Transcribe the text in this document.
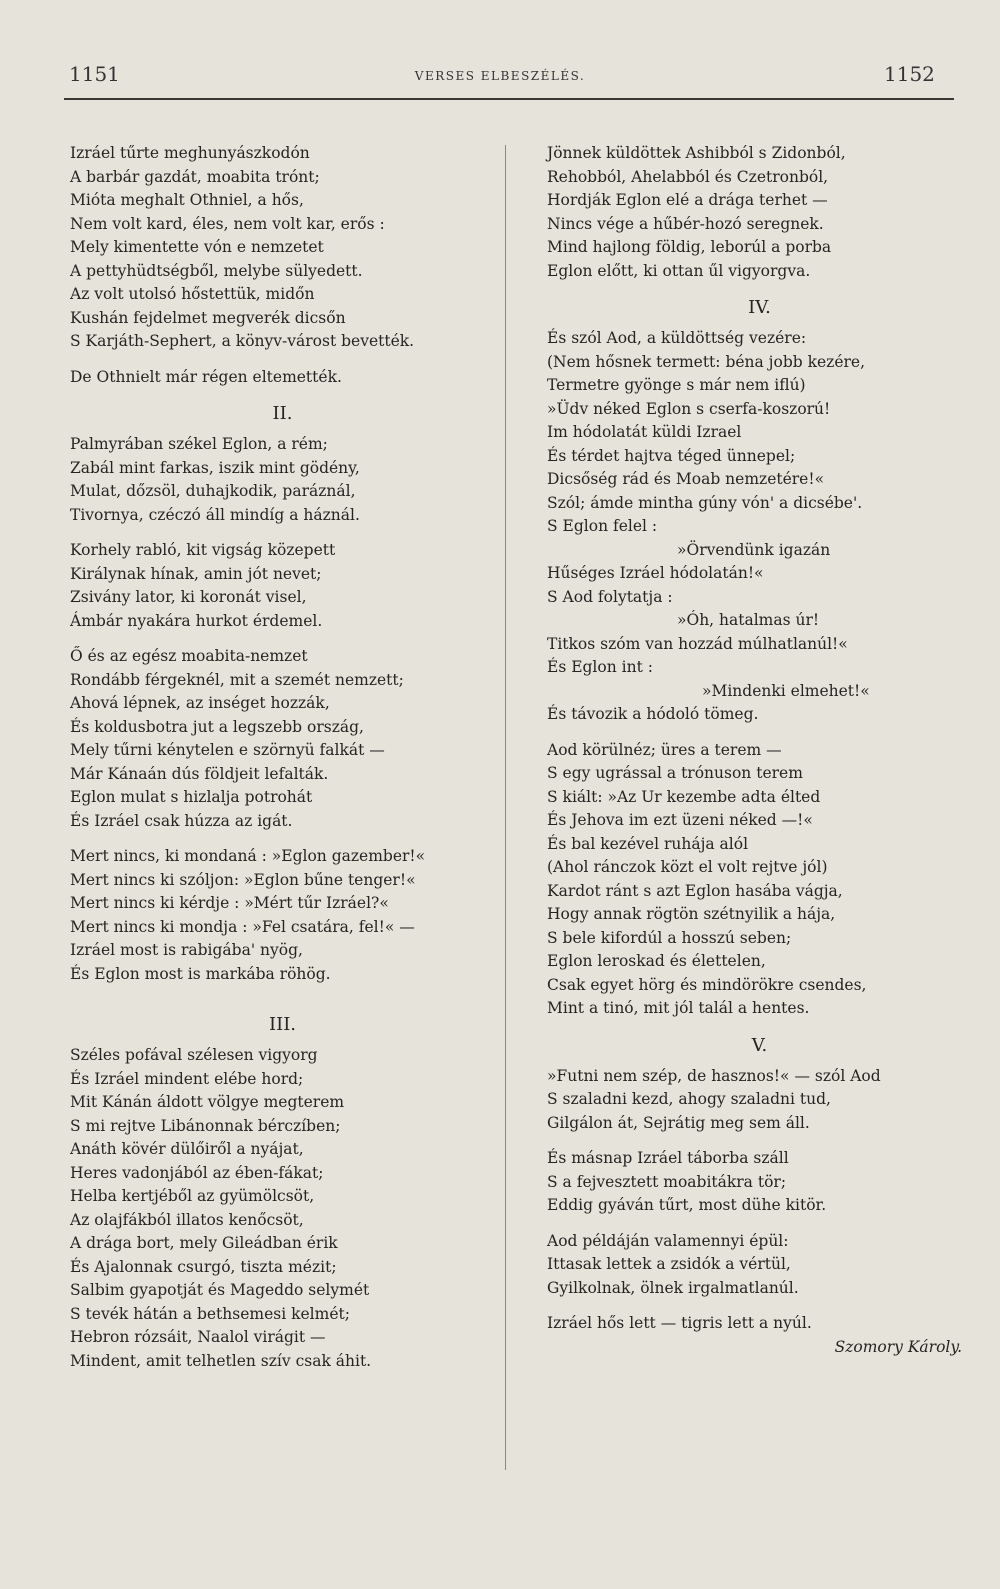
1151	VERSES ELBESZÉLÉS.	1152
Izráel tűrte meghunyászkodón
A barbár gazdát, moabita trónt;
Mióta meghalt Othniel, a hős,
Nem volt kard, éles, nem volt kar, erős :
Mely kimentette vón e nemzetet
A pettyhüdtségből, melybe sülyedett.
Az volt utolsó hőstettük, midőn
Kushán fejdelmet megverék dicsőn
S Karjáth-Sephert, a könyv-várost bevették.
De Othnielt már régen eltemették.
II.
Palmyrában székel Eglon, a rém;
Zabál mint farkas, iszik mint gödény,
Mulat, dőzsöl, duhajkodik, paráznál,
Tivornya, czéczó áll mindíg a háznál.
Korhely rabló, kit vigság közepett
Királynak hínak, amin jót nevet;
Zsivány lator, ki koronát visel,
Ámbár nyakára hurkot érdemel.
Ő és az egész moabita-nemzet
Rondább férgeknél, mit a szemét nemzett;
Ahová lépnek, az inséget hozzák,
És koldusbotra jut a legszebb ország,
Mely tűrni kénytelen e szörnyü falkát —
Már Kánaán dús földjeit lefalták.
Eglon mulat s hizlalja potrohát
És Izráel csak húzza az igát.
Mert nincs, ki mondaná : »Eglon gazember!«
Mert nincs ki szóljon: »Eglon bűne tenger!«
Mert nincs ki kérdje : »Mért tűr Izráel?«
Mert nincs ki mondja : »Fel csatára, fel!« —
Izráel most is rabigába' nyög,
És Eglon most is markába röhög.
III.
Széles pofával szélesen vigyorg
És Izráel mindent elébe hord;
Mit Kánán áldott völgye megterem
S mi rejtve Libánonnak bérczíben;
Anáth kövér dülőiről a nyájat,
Heres vadonjából az ében-fákat;
Helba kertjéből az gyümölcsöt,
Az olajfákból illatos kenőcsöt,
A drága bort, mely Gileádban érik
És Ajalonnak csurgó, tiszta mézit;
Salbim gyapotját és Mageddo selymét
S tevék hátán a bethsemesi kelmét;
Hebron rózsáit, Naalol virágit —
Mindent, amit telhetlen szív csak áhit.
Jönnek küldöttek Ashibból s Zidonból,
Rehobból, Ahelabból és Czetronból,
Hordják Eglon elé a drága terhet —
Nincs vége a hűbér-hozó seregnek.
Mind hajlong földig, leborúl a porba
Eglon előtt, ki ottan űl vigyorgva.
IV.
És szól Aod, a küldöttség vezére:
(Nem hősnek termett: béna jobb kezére,
Termetre gyönge s már nem iflú)
»Üdv néked Eglon s cserfa-koszorú!
Im hódolatát küldi Izrael
És térdet hajtva téged ünnepel;
Dicsőség rád és Moab nemzetére!«
Szól; ámde mintha gúny vón' a dicsébe'.
S Eglon felel :
»Örvendünk igazán
Hűséges Izráel hódolatán!«
S Aod folytatja :
»Óh, hatalmas úr!
Titkos szóm van hozzád múlhatlanúl!«
És Eglon int :
»Mindenki elmehet!«
És távozik a hódoló tömeg.
Aod körülnéz; üres a terem —
S egy ugrással a trónuson terem
S kiált: »Az Ur kezembe adta élted
És Jehova im ezt üzeni néked —!«
És bal kezével ruhája alól
(Ahol ránczok közt el volt rejtve jól)
Kardot ránt s azt Eglon hasába vágja,
Hogy annak rögtön szétnyilik a hája,
S bele kifordúl a hosszú seben;
Eglon leroskad és élettelen,
Csak egyet hörg és mindörökre csendes,
Mint a tinó, mit jól talál a hentes.
V.
»Futni nem szép, de hasznos!« — szól Aod
S szaladni kezd, ahogy szaladni tud,
Gilgálon át, Sejrátig meg sem áll.
És másnap Izráel táborba száll
S a fejvesztett moabitákra tör;
Eddig gyáván tűrt, most dühe kitör.
Aod példáján valamennyi épül:
Ittasak lettek a zsidók a vértül,
Gyilkolnak, ölnek irgalmatlanúl.
Izráel hős lett — tigris lett a nyúl.
Szomory Károly.
